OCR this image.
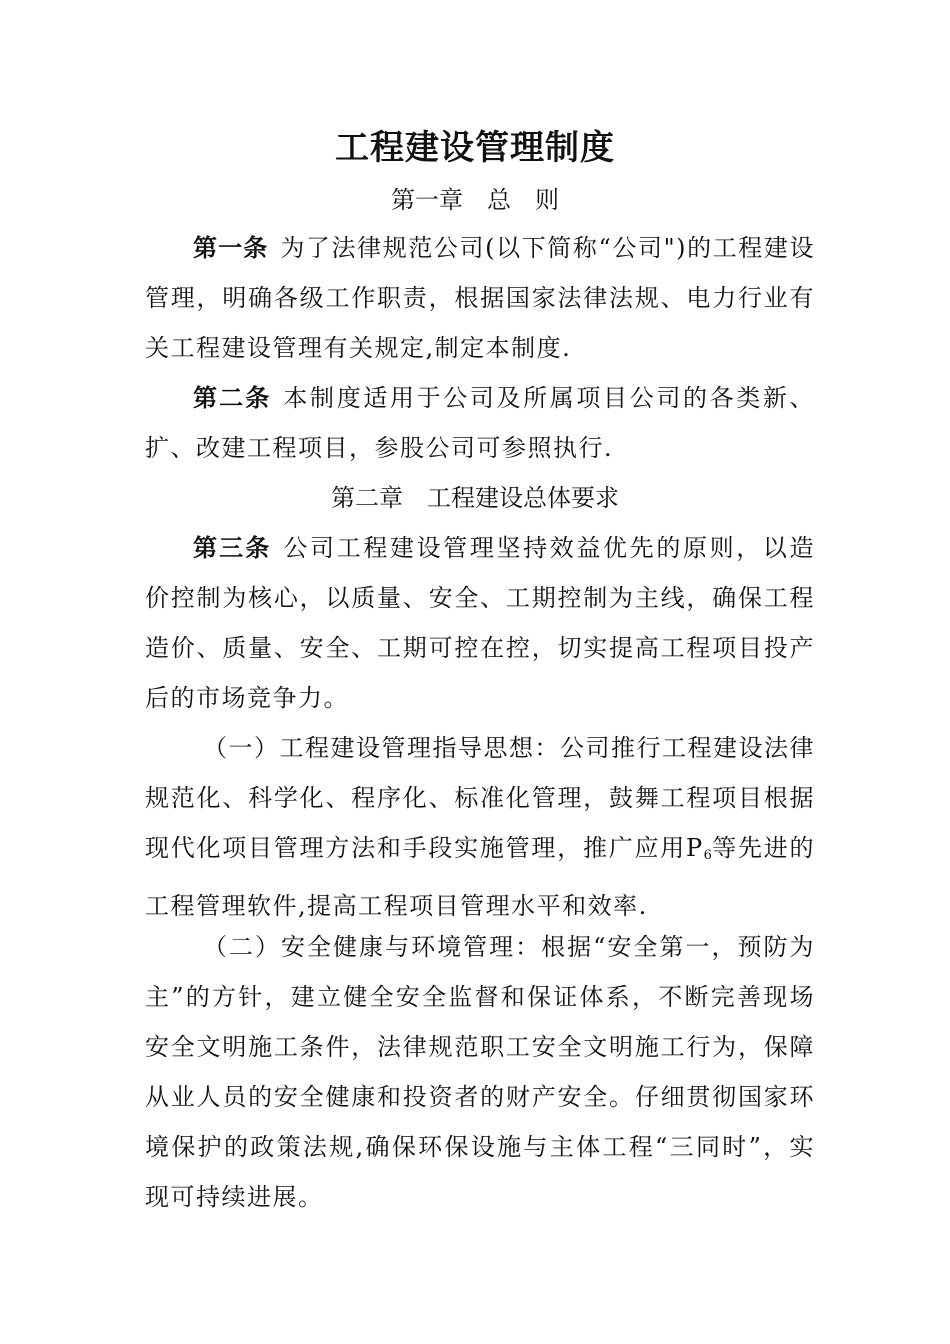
工程建设管理制度
第一章　总　则

第一条 为了法律规范公司(以下简称“公司")的工程建设管理，明确各级工作职责，根据国家法律法规、电力行业有关工程建设管理有关规定,制定本制度.

第二条 本制度适用于公司及所属项目公司的各类新、扩、改建工程项目，参股公司可参照执行.

第二章　工程建设总体要求

第三条 公司工程建设管理坚持效益优先的原则，以造价控制为核心，以质量、安全、工期控制为主线，确保工程造价、质量、安全、工期可控在控，切实提高工程项目投产后的市场竞争力。

（一）工程建设管理指导思想：公司推行工程建设法律规范化、科学化、程序化、标准化管理，鼓舞工程项目根据现代化项目管理方法和手段实施管理，推广应用$P_6$等先进的工程管理软件,提高工程项目管理水平和效率.

（二）安全健康与环境管理：根据“安全第一，预防为主”的方针，建立健全安全监督和保证体系，不断完善现场安全文明施工条件，法律规范职工安全文明施工行为，保障从业人员的安全健康和投资者的财产安全。仔细贯彻国家环境保护的政策法规,确保环保设施与主体工程“三同时”，实现可持续进展。
